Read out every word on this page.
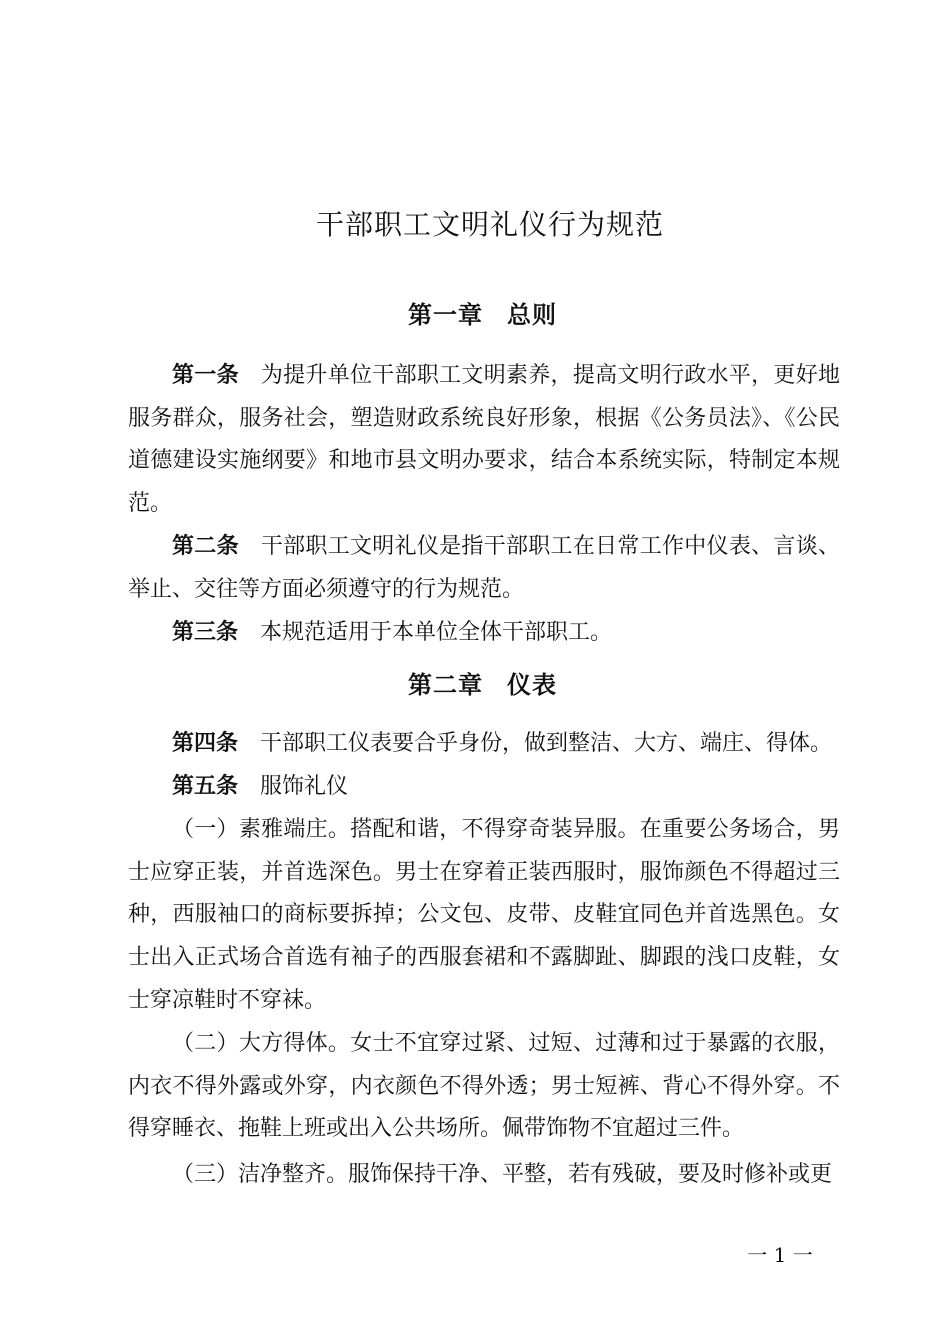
干部职工文明礼仪行为规范
第一章 总则

第一条 为提升单位干部职工文明素养，提高文明行政水平，更好地服务群众，服务社会，塑造财政系统良好形象，根据《公务员法》、《公民道德建设实施纲要》和地市县文明办要求，结合本系统实际，特制定本规范。

第二条 干部职工文明礼仪是指干部职工在日常工作中仪表、言谈、举止、交往等方面必须遵守的行为规范。

第三条 本规范适用于本单位全体干部职工。

第二章 仪表

第四条 干部职工仪表要合乎身份，做到整洁、大方、端庄、得体。

第五条 服饰礼仪

（一）素雅端庄。搭配和谐，不得穿奇装异服。在重要公务场合，男士应穿正装，并首选深色。男士在穿着正装西服时，服饰颜色不得超过三种，西服袖口的商标要拆掉；公文包、皮带、皮鞋宜同色并首选黑色。女士出入正式场合首选有袖子的西服套裙和不露脚趾、脚跟的浅口皮鞋，女士穿凉鞋时不穿袜。

（二）大方得体。女士不宜穿过紧、过短、过薄和过于暴露的衣服，内衣不得外露或外穿，内衣颜色不得外透；男士短裤、背心不得外穿。不得穿睡衣、拖鞋上班或出入公共场所。佩带饰物不宜超过三件。

（三）洁净整齐。服饰保持干净、平整，若有残破，要及时修补或更

一 1 一
